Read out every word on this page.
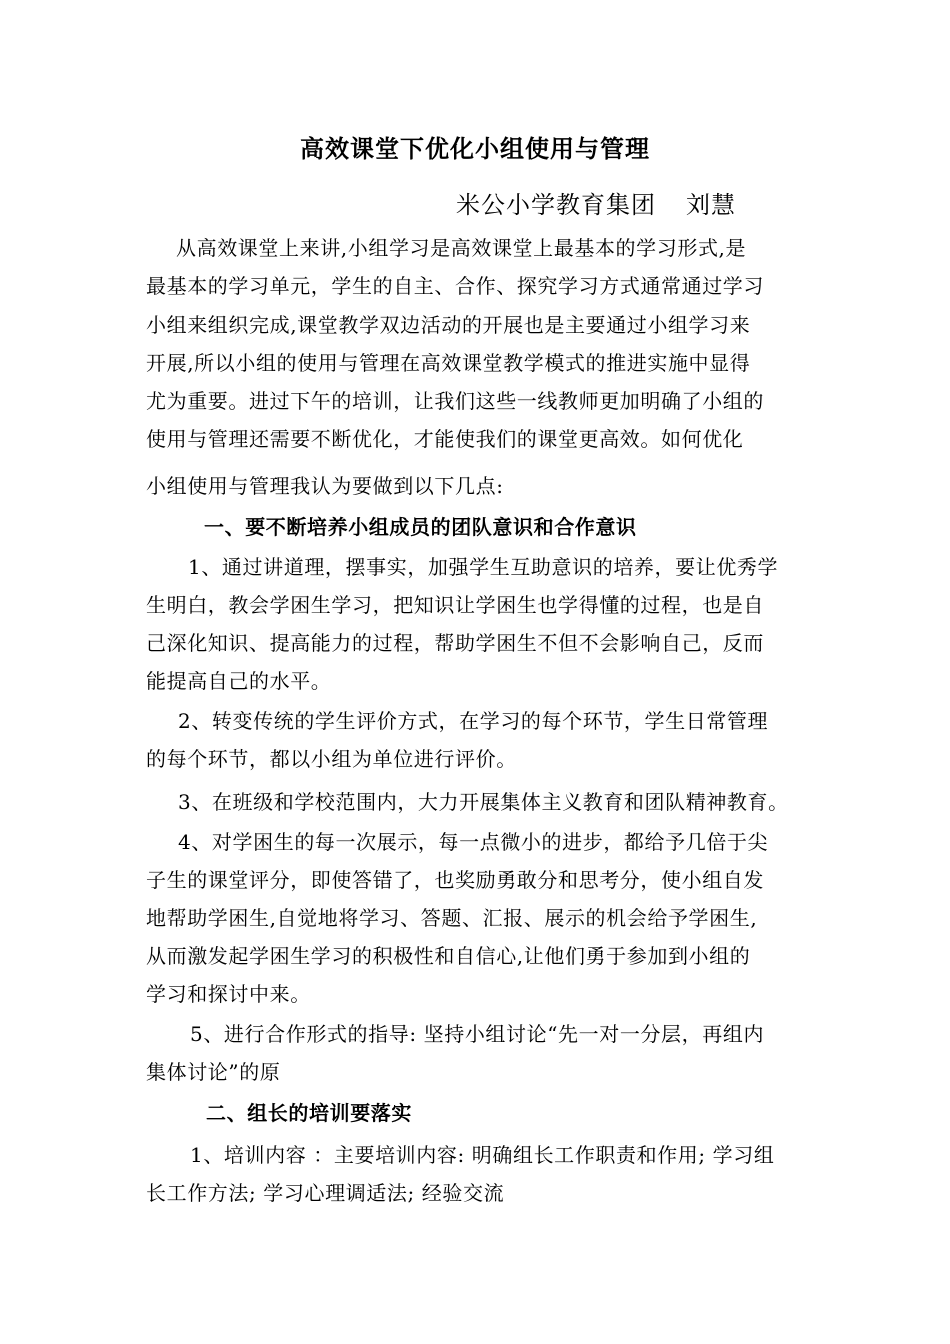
高效课堂下优化小组使用与管理
米公小学教育集团 刘慧
从高效课堂上来讲,小组学习是高效课堂上最基本的学习形式,是
最基本的学习单元，学生的自主、合作、探究学习方式通常通过学习
小组来组织完成,课堂教学双边活动的开展也是主要通过小组学习来
开展,所以小组的使用与管理在高效课堂教学模式的推进实施中显得
尤为重要。进过下午的培训，让我们这些一线教师更加明确了小组的
使用与管理还需要不断优化，才能使我们的课堂更高效。如何优化
小组使用与管理我认为要做到以下几点:
一、要不断培养小组成员的团队意识和合作意识
1、通过讲道理，摆事实，加强学生互助意识的培养，要让优秀学
生明白，教会学困生学习，把知识让学困生也学得懂的过程，也是自
己深化知识、提高能力的过程，帮助学困生不但不会影响自己，反而
能提高自己的水平。
2、转变传统的学生评价方式，在学习的每个环节，学生日常管理
的每个环节，都以小组为单位进行评价。
3、在班级和学校范围内，大力开展集体主义教育和团队精神教育。
4、对学困生的每一次展示，每一点微小的进步，都给予几倍于尖
子生的课堂评分，即使答错了，也奖励勇敢分和思考分，使小组自发
地帮助学困生,自觉地将学习、答题、汇报、展示的机会给予学困生,
从而激发起学困生学习的积极性和自信心,让他们勇于参加到小组的
学习和探讨中来。
5、进行合作形式的指导: 坚持小组讨论“先一对一分层，再组内
集体讨论”的原
二、组长的培训要落实
1、培训内容 ：主要培训内容: 明确组长工作职责和作用; 学习组
长工作方法; 学习心理调适法; 经验交流
